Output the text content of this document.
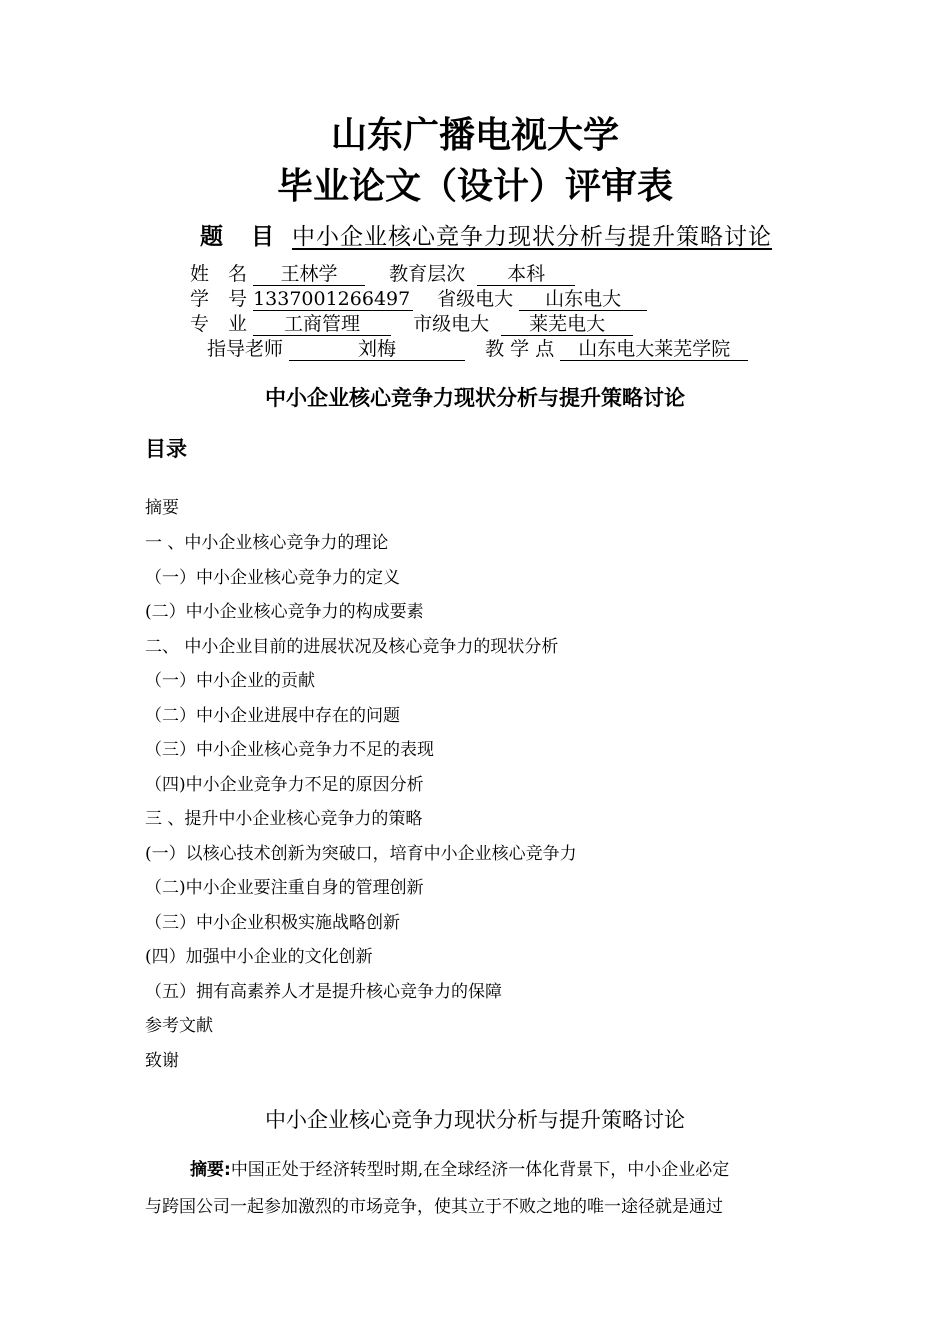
山东广播电视大学
毕业论文（设计）评审表
题 目 中小企业核心竞争力现状分析与提升策略讨论
姓　名 王林学	教育层次 本科
学　号 1337001266497 省级电大 山东电大
专　业 工商管理	市级电大 莱芜电大
指导老师	刘梅	教 学 点 山东电大莱芜学院
中小企业核心竞争力现状分析与提升策略讨论
目录
摘要
一 、中小企业核心竞争力的理论
（一）中小企业核心竞争力的定义
(二）中小企业核心竞争力的构成要素
二、 中小企业目前的进展状况及核心竞争力的现状分析
（一）中小企业的贡献
（二）中小企业进展中存在的问题
（三）中小企业核心竞争力不足的表现
（四)中小企业竞争力不足的原因分析
三 、提升中小企业核心竞争力的策略
(一）以核心技术创新为突破口，培育中小企业核心竞争力
（二)中小企业要注重自身的管理创新
（三）中小企业积极实施战略创新
(四）加强中小企业的文化创新
（五）拥有高素养人才是提升核心竞争力的保障
参考文献
致谢
中小企业核心竞争力现状分析与提升策略讨论
摘要:中国正处于经济转型时期,在全球经济一体化背景下，中小企业必定
与跨国公司一起参加激烈的市场竞争，使其立于不败之地的唯一途径就是通过
